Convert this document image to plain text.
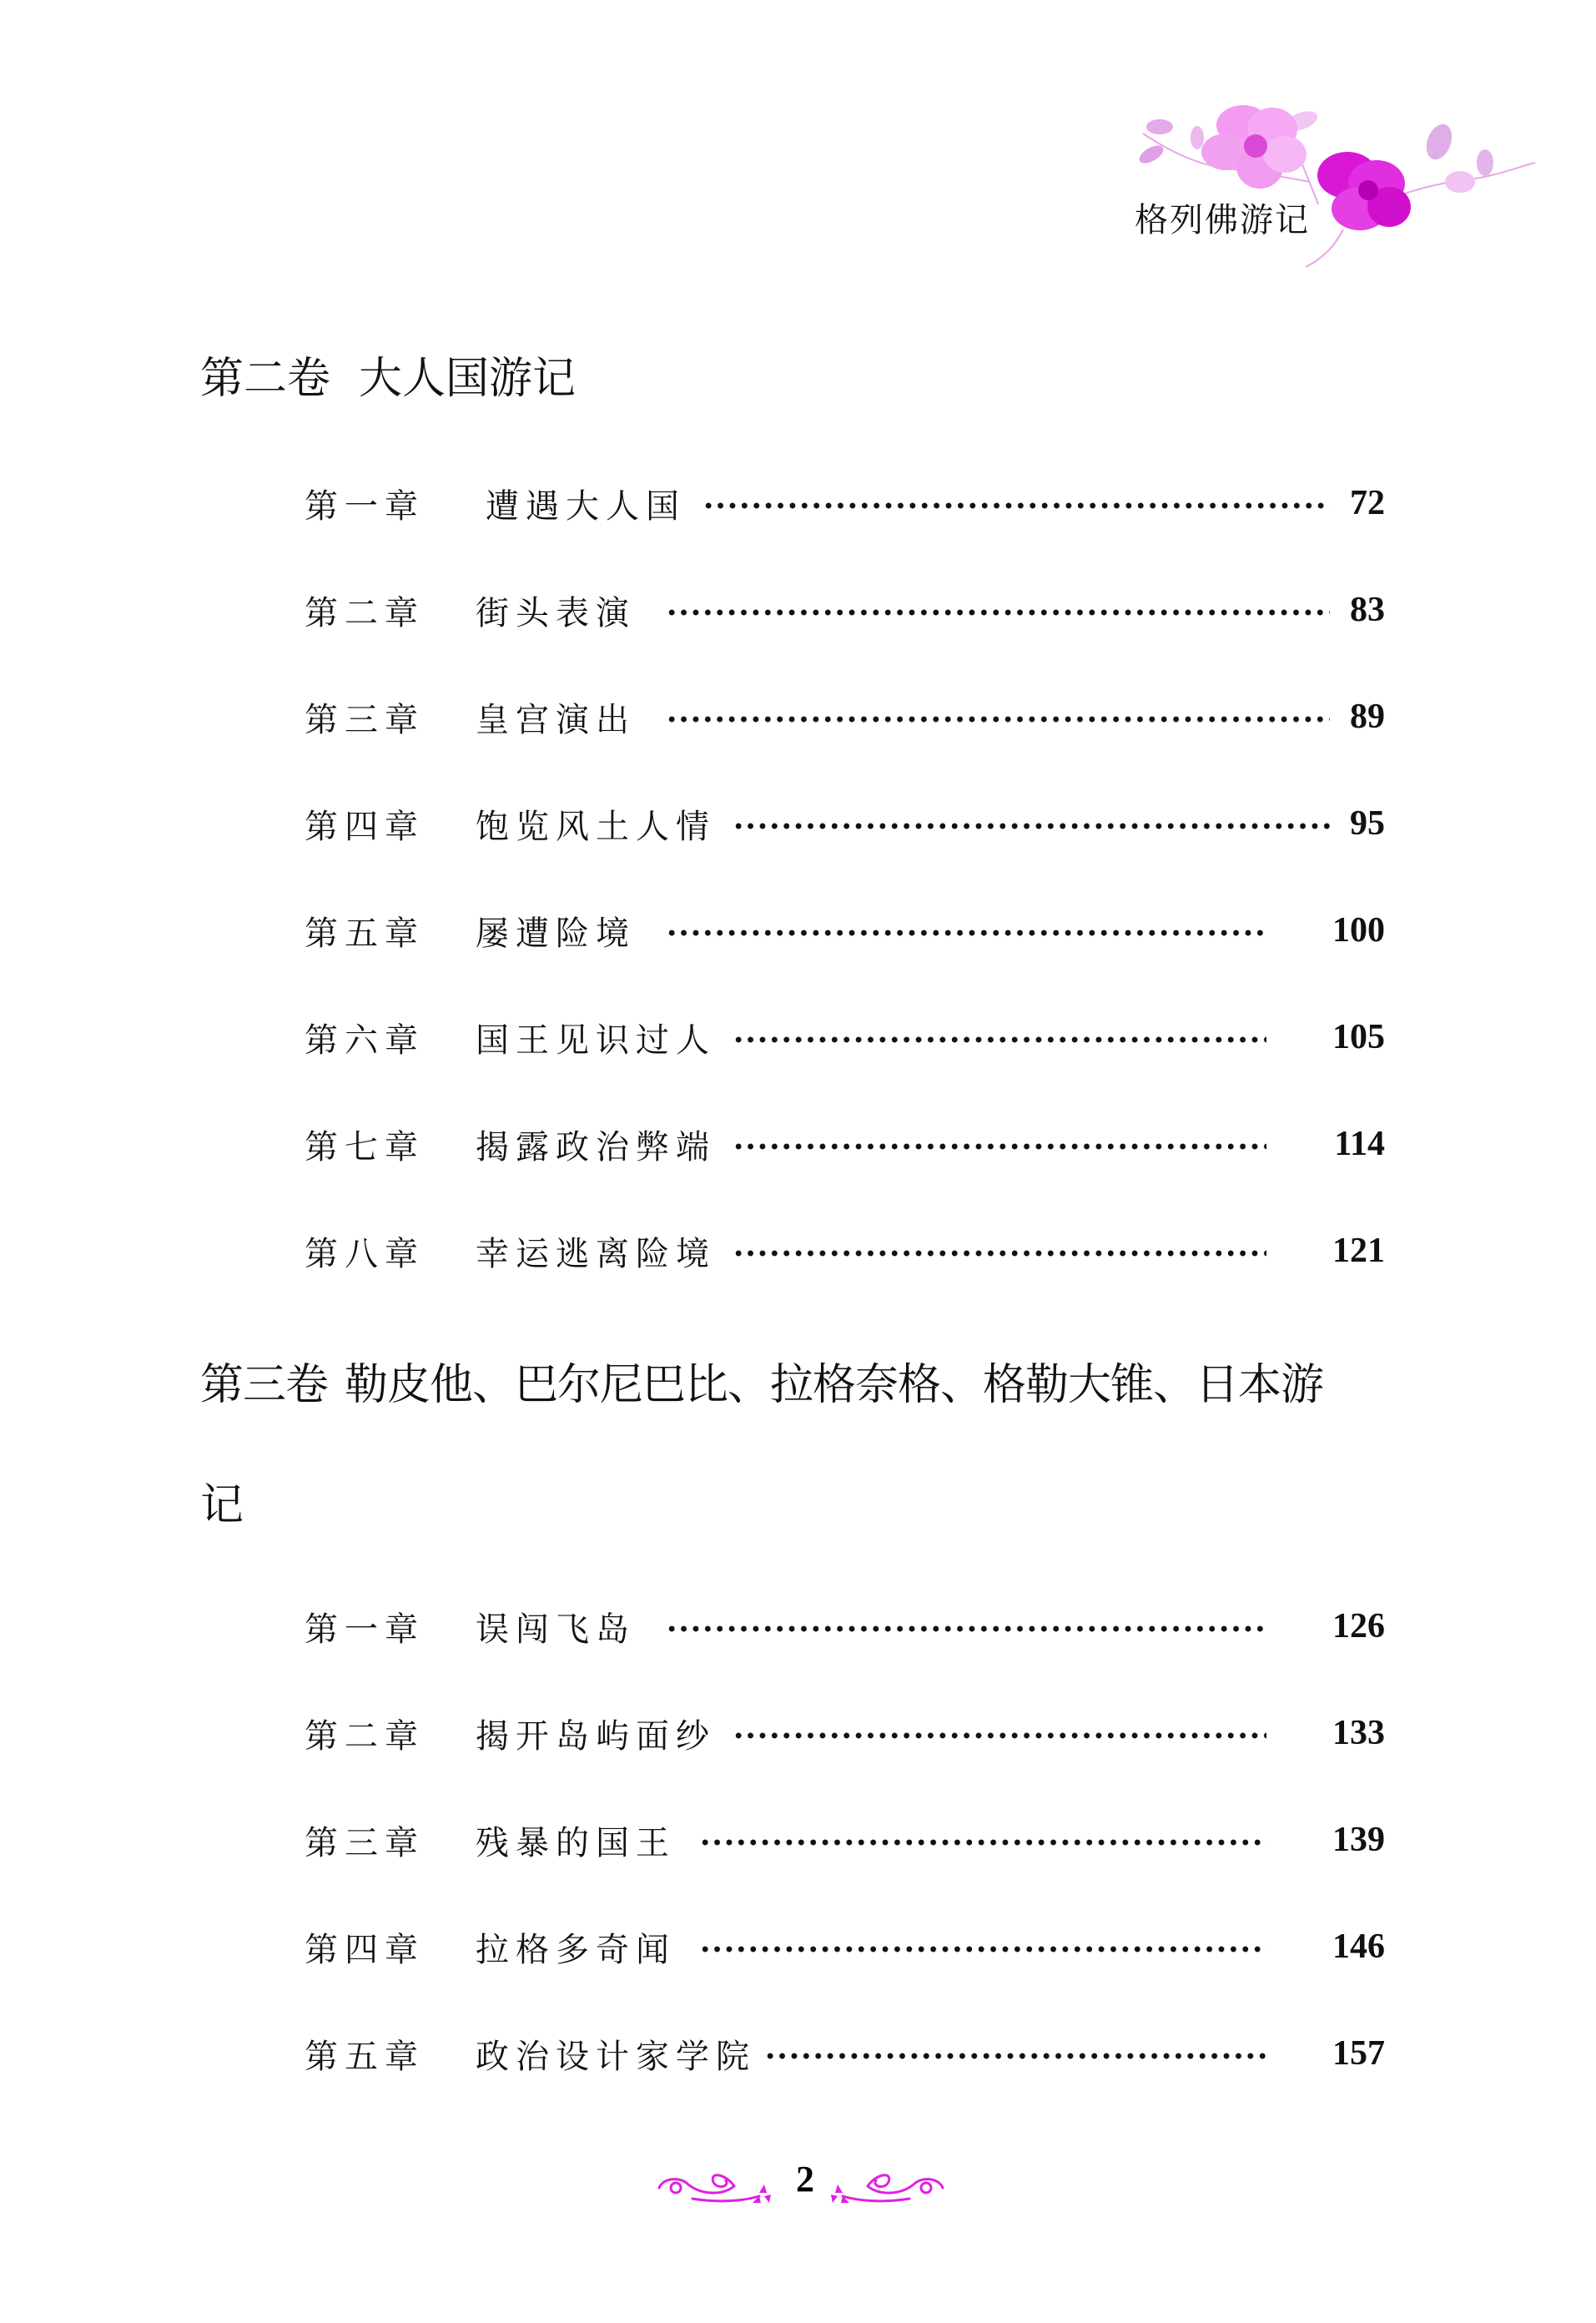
格列佛游记
第二卷 大人国游记
第一章	遭遇大人国	72
第二章	街头表演	83
第三章	皇宫演出	89
第四章	饱览风土人情	95
第五章	屡遭险境	100
第六章	国王见识过人	105
第七章	揭露政治弊端	114
第八章	幸运逃离险境	121
第三卷 勒皮他、巴尔尼巴比、拉格奈格、格勒大锥、日本游
记
第一章	误闯飞岛	126
第二章	揭开岛屿面纱	133
第三章	残暴的国王	139
第四章	拉格多奇闻	146
第五章	政治设计家学院	157
2
